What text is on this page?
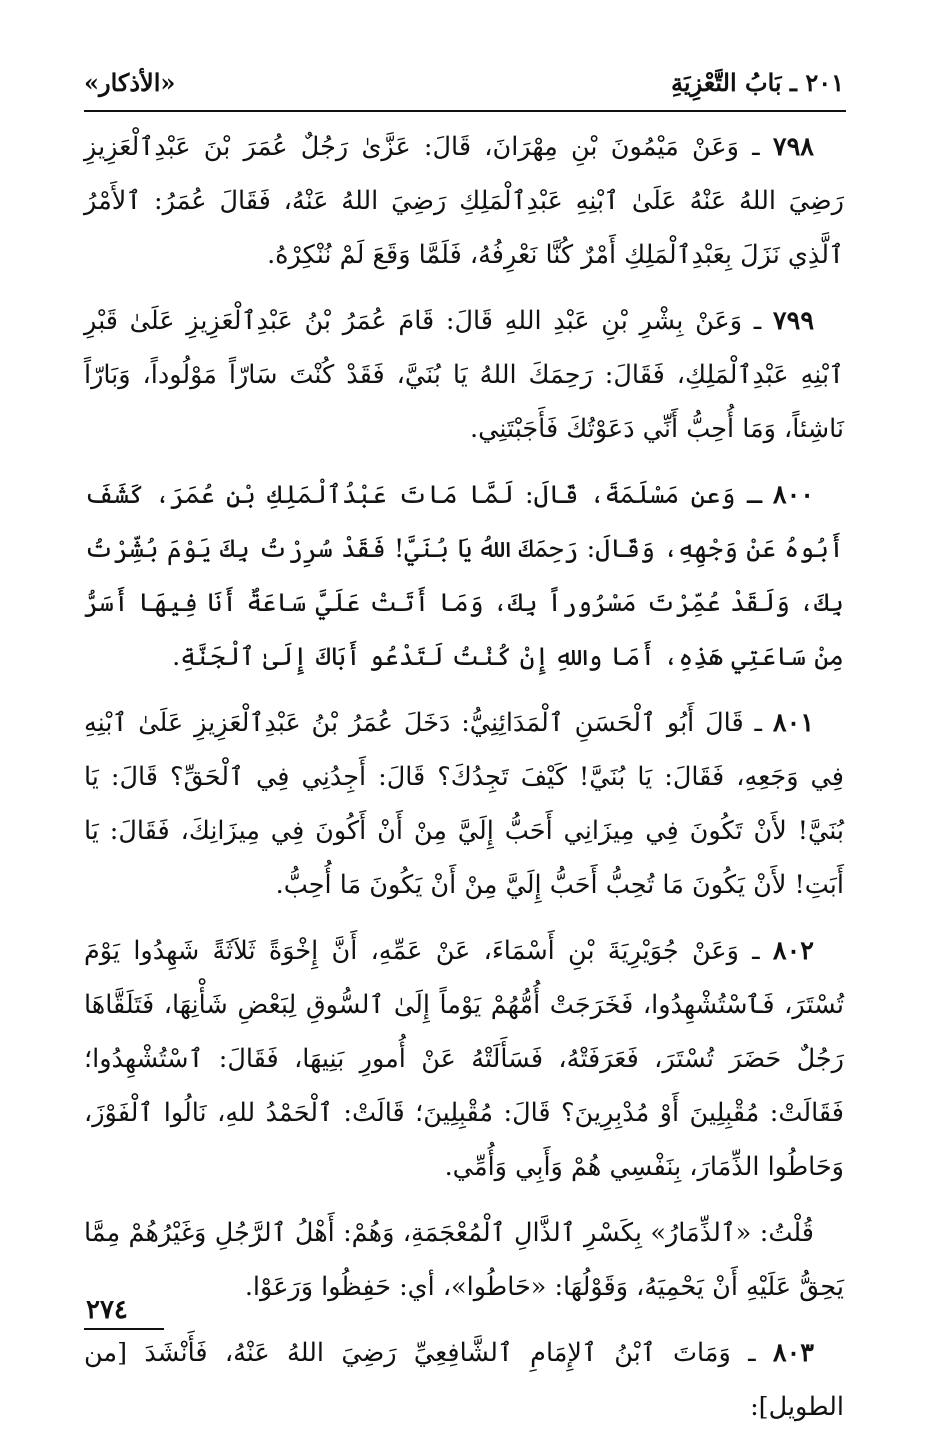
٢٠١ ـ بَابُ التَّعْزِيَةِ
«الأذكار»

٧٩٨ ـ وَعَنْ مَيْمُونَ بْنِ مِهْرَانَ، قَالَ: عَزَّىٰ رَجُلٌ عُمَرَ بْنَ عَبْدِٱلْعَزِيزِ رَضِيَ اللهُ عَنْهُ عَلَىٰ ٱبْنِهِ عَبْدِٱلْمَلِكِ رَضِيَ اللهُ عَنْهُ، فَقَالَ عُمَرُ: ٱلأَمْرُ ٱلَّذِي نَزَلَ بِعَبْدِٱلْمَلِكِ أَمْرٌ كُنَّا نَعْرِفُهُ، فَلَمَّا وَقَعَ لَمْ نُنْكِرْهُ.

٧٩٩ ـ وَعَنْ بِشْرِ بْنِ عَبْدِ اللهِ قَالَ: قَامَ عُمَرُ بْنُ عَبْدِٱلْعَزِيزِ عَلَىٰ قَبْرِ ٱبْنِهِ عَبْدِٱلْمَلِكِ، فَقَالَ: رَحِمَكَ اللهُ يَا بُنَيَّ، فَقَدْ كُنْتَ سَارّاً مَوْلُوداً، وَبَارّاً نَاشِئاً، وَمَا أُحِبُّ أَنِّي دَعَوْتُكَ فَأَجَبْتَنِي.

٨٠٠ ـ وَعن مَسْلَمَةَ، قَالَ: لَمَّا مَاتَ عَبْدُٱلْمَلِكِ بْنِ عُمَرَ، كَشَفَ أَبُوهُ عَنْ وَجْهِهِ، وَقَالَ: رَحِمَكَ اللهُ يَا بُنَيَّ! فَقَدْ سُرِرْتُ بِكَ يَوْمَ بُشِّرْتُ بِكَ، وَلَقَدْ عُمِّرْتَ مَسْرُوراً بِكَ، وَمَا أَتَتْ عَلَيَّ سَاعَةٌ أَنَا فِيهَا أَسَرُّ مِنْ سَاعَتِي هَذِهِ، أَمَا واللهِ إِنْ كُنْتُ لَتَدْعُو أَبَاكَ إِلَىٰ ٱلْجَنَّةِ.

٨٠١ ـ قَالَ أَبُو ٱلْحَسَنِ ٱلْمَدَائِنِيُّ: دَخَلَ عُمَرُ بْنُ عَبْدِٱلْعَزِيزِ عَلَىٰ ٱبْنِهِ فِي وَجَعِهِ، فَقَالَ: يَا بُنَيَّ! كَيْفَ تَجِدُكَ؟ قَالَ: أَجِدُنِي فِي ٱلْحَقِّ؟ قَالَ: يَا بُنَيَّ! لأَنْ تَكُونَ فِي مِيزَانِي أَحَبُّ إِلَيَّ مِنْ أَنْ أَكُونَ فِي مِيزَانِكَ، فَقَالَ: يَا أَبَتِ! لأَنْ يَكُونَ مَا تُحِبُّ أَحَبُّ إِلَيَّ مِنْ أَنْ يَكُونَ مَا أُحِبُّ.

٨٠٢ ـ وَعَنْ جُوَيْرِيَةَ بْنِ أَسْمَاءَ، عَنْ عَمِّهِ، أَنَّ إِخْوَةً ثَلاَثَةً شَهِدُوا يَوْمَ تُسْتَرَ، فَٱسْتُشْهِدُوا، فَخَرَجَتْ أُمُّهُمْ يَوْماً إِلَىٰ ٱلسُّوقِ لِبَعْضِ شَأْنِهَا، فَتَلَقَّاهَا رَجُلٌ حَضَرَ تُسْتَرَ، فَعَرَفَتْهُ، فَسَأَلَتْهُ عَنْ أُمورِ بَنِيهَا، فَقَالَ: ٱسْتُشْهِدُوا؛ فَقَالَتْ: مُقْبِلِينَ أَوْ مُدْبِرِينَ؟ قَالَ: مُقْبِلِينَ؛ قَالَتْ: ٱلْحَمْدُ للهِ، نَالُوا ٱلْفَوْزَ، وَحَاطُوا الذِّمَارَ، بِنَفْسِي هُمْ وَأَبِي وَأُمِّي.

قُلْتُ: «ٱلذِّمَارُ» بِكَسْرِ ٱلذَّالِ ٱلْمُعْجَمَةِ، وَهُمْ: أَهْلُ ٱلرَّجُلِ وَغَيْرُهُمْ مِمَّا يَحِقُّ عَلَيْهِ أَنْ يَحْمِيَهُ، وَقَوْلُهَا: «حَاطُوا»، أي: حَفِظُوا وَرَعَوْا.

٨٠٣ ـ وَمَاتَ ٱبْنُ ٱلإِمَامِ ٱلشَّافِعِيِّ رَضِيَ اللهُ عَنْهُ، فَأَنْشَدَ [من الطويل]:

٢٧٤
